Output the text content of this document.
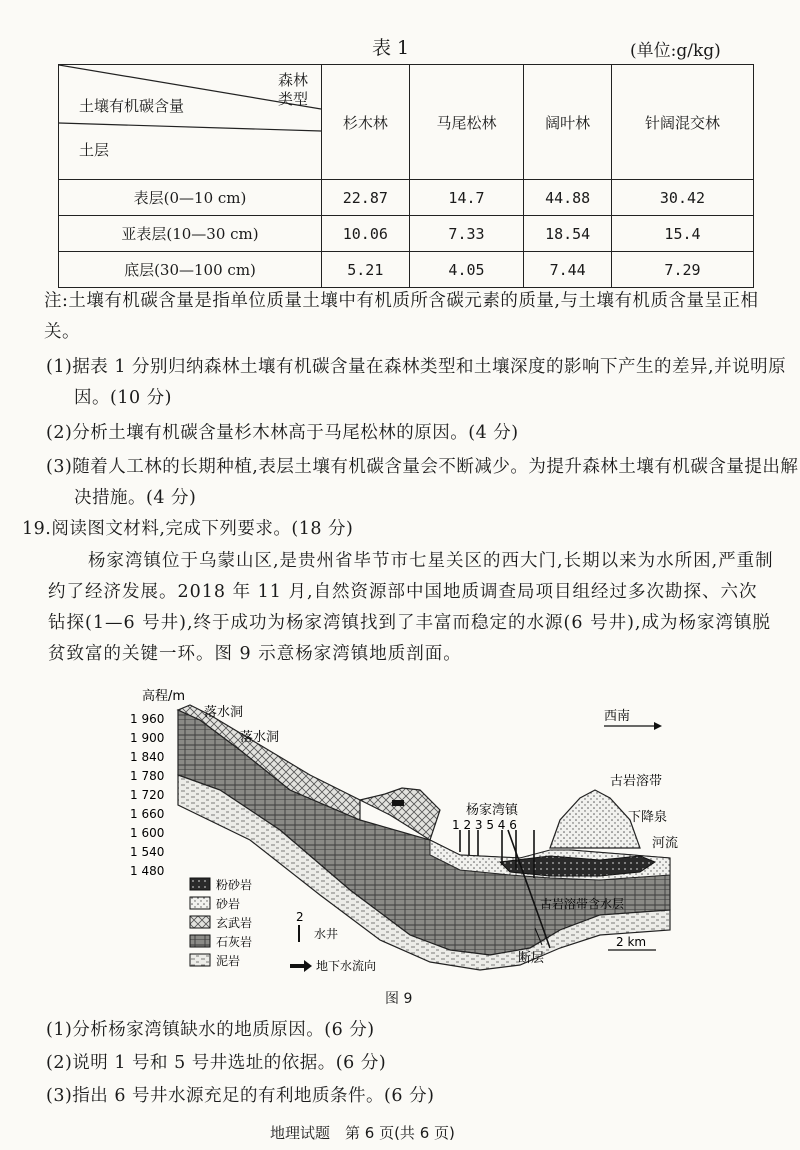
表 1	(单位:g/kg)
森林类型
土壤有机碳含量
土层	杉木林	马尾松林	阔叶林	针阔混交林
表层(0—10 cm)	22.87	14.7	44.88	30.42
亚表层(10—30 cm)	10.06	7.33	18.54	15.4
底层(30—100 cm)	5.21	4.05	7.44	7.29
注:土壤有机碳含量是指单位质量土壤中有机质所含碳元素的质量,与土壤有机质含量呈正相关。
(1)据表 1 分别归纳森林土壤有机碳含量在森林类型和土壤深度的影响下产生的差异,并说明原因。(10 分)
(2)分析土壤有机碳含量杉木林高于马尾松林的原因。(4 分)
(3)随着人工林的长期种植,表层土壤有机碳含量会不断减少。为提升森林土壤有机碳含量提出解决措施。(4 分)
19.阅读图文材料,完成下列要求。(18 分)
杨家湾镇位于乌蒙山区,是贵州省毕节市七星关区的西大门,长期以来为水所困,严重制约了经济发展。2018 年 11 月,自然资源部中国地质调查局项目组经过多次勘探、六次钻探(1—6 号井),终于成功为杨家湾镇找到了丰富而稳定的水源(6 号井),成为杨家湾镇脱贫致富的关键一环。图 9 示意杨家湾镇地质剖面。
高程/m
1 960
1 900
1 840
1 780
1 720
1 660
1 600
1 540
1 480
落水洞
落水洞
西南
杨家湾镇
1 2 3 5 4 6
古岩溶带
下降泉
河流
古岩溶带含水层
断层
2 km
粉砂岩
砂岩
玄武岩
石灰岩
泥岩
2
水井
地下水流向
图 9
(1)分析杨家湾镇缺水的地质原因。(6 分)
(2)说明 1 号和 5 号井选址的依据。(6 分)
(3)指出 6 号井水源充足的有利地质条件。(6 分)
地理试题　第 6 页(共 6 页)
